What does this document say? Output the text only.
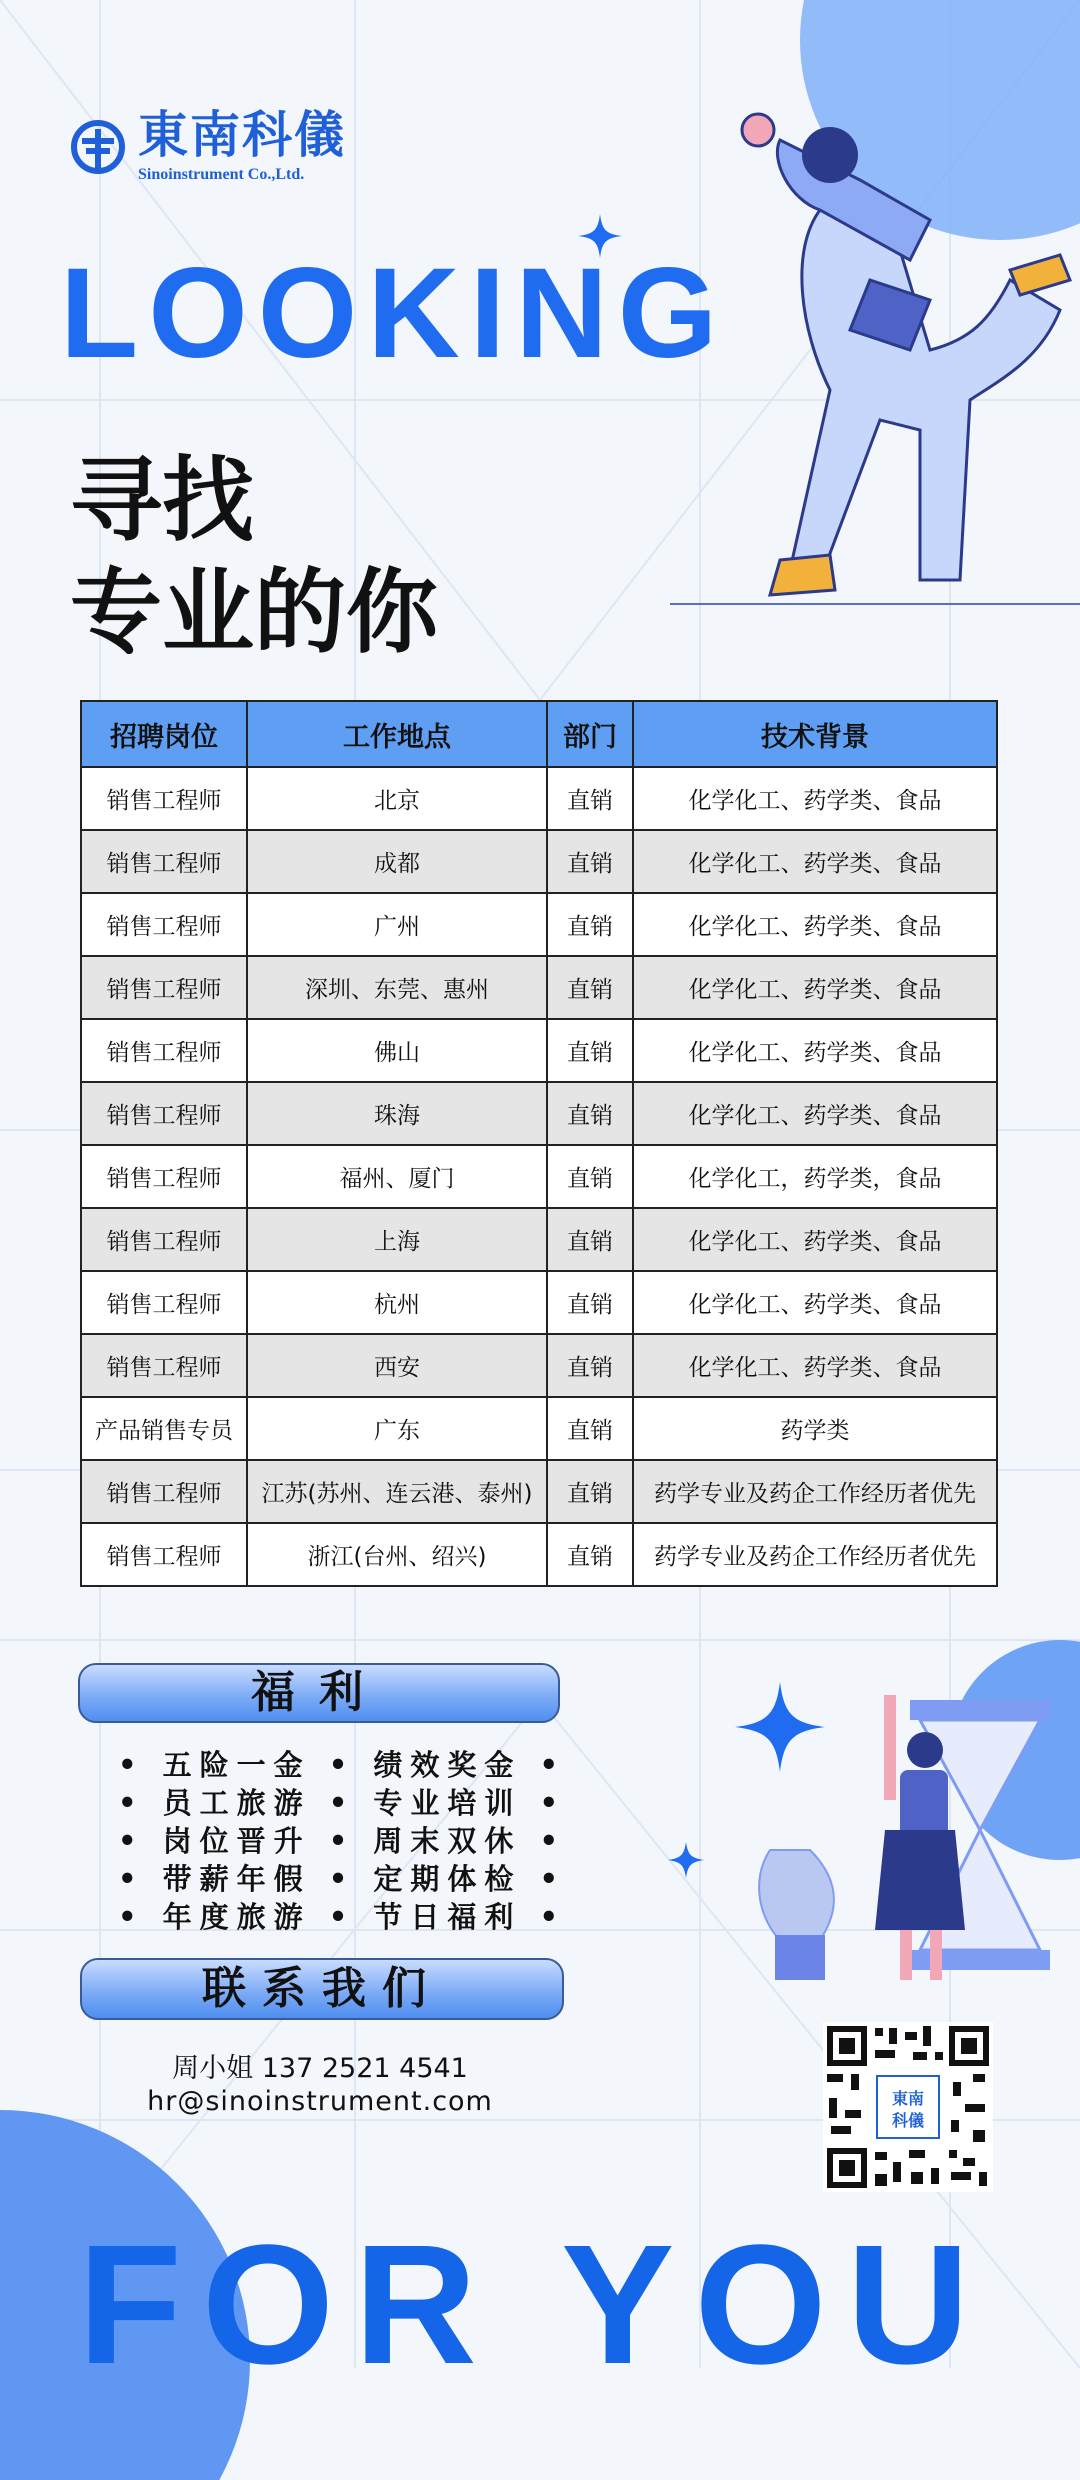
東南科儀
Sinoinstrument Co.,Ltd.
LOOKING
寻找
专业的你
招聘岗位	工作地点	部门	技术背景
销售工程师	北京	直销	化学化工、药学类、食品
销售工程师	成都	直销	化学化工、药学类、食品
销售工程师	广州	直销	化学化工、药学类、食品
销售工程师	深圳、东莞、惠州	直销	化学化工、药学类、食品
销售工程师	佛山	直销	化学化工、药学类、食品
销售工程师	珠海	直销	化学化工、药学类、食品
销售工程师	福州、厦门	直销	化学化工，药学类，食品
销售工程师	上海	直销	化学化工、药学类、食品
销售工程师	杭州	直销	化学化工、药学类、食品
销售工程师	西安	直销	化学化工、药学类、食品
产品销售专员	广东	直销	药学类
销售工程师	江苏(苏州、连云港、泰州)	直销	药学专业及药企工作经历者优先
销售工程师	浙江(台州、绍兴)	直销	药学专业及药企工作经历者优先
福利
• 五险一金 • 绩效奖金 •
• 员工旅游 • 专业培训 •
• 岗位晋升 • 周末双休 •
• 带薪年假 • 定期体检 •
• 年度旅游 • 节日福利 •
联系我们
周小姐 137 2521 4541
hr@sinoinstrument.com	東南
科儀
FOR YOU
